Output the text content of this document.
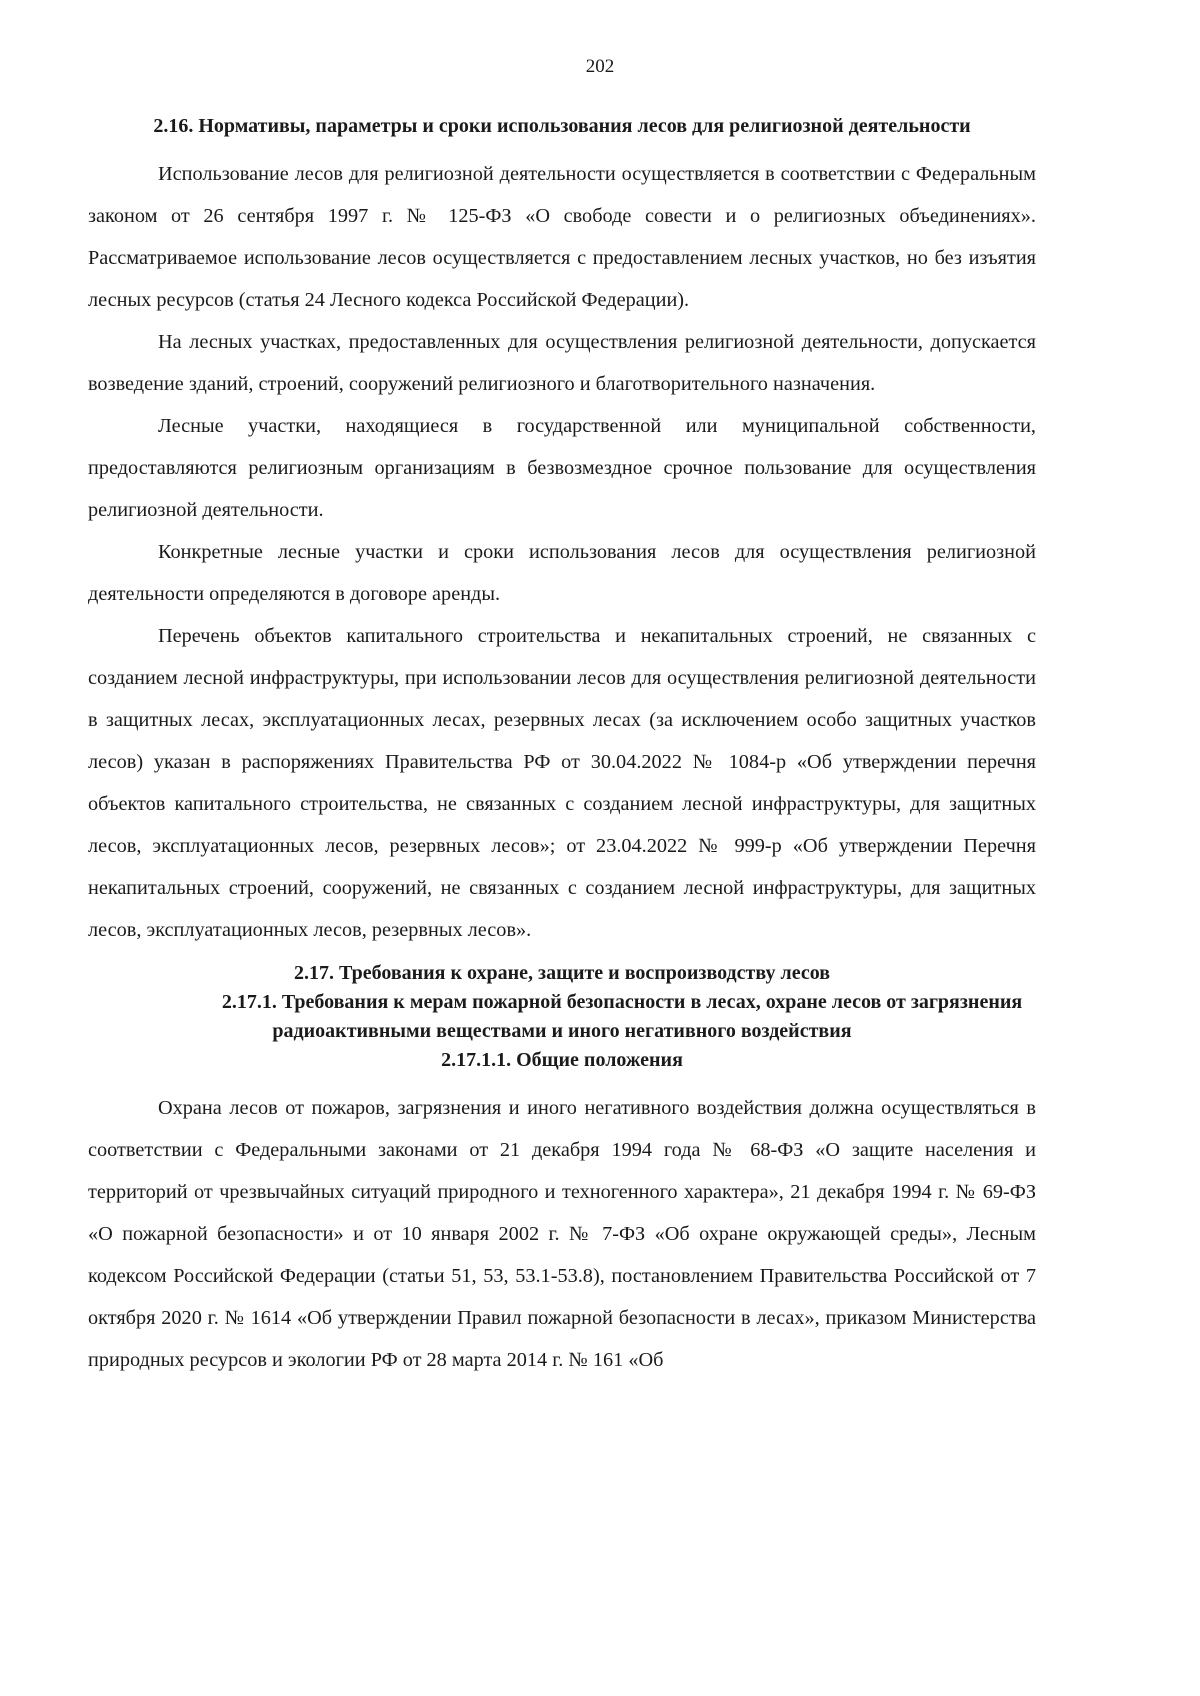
202

2.16. Нормативы, параметры и сроки использования лесов для религиозной деятельности

Использование лесов для религиозной деятельности осуществляется в соответствии с Федеральным законом от 26 сентября 1997 г. № 125-ФЗ «О свободе совести и о религиозных объединениях». Рассматриваемое использование лесов осуществляется с предоставлением лесных участков, но без изъятия лесных ресурсов (статья 24 Лесного кодекса Российской Федерации).

На лесных участках, предоставленных для осуществления религиозной деятельности, допускается возведение зданий, строений, сооружений религиозного и благотворительного назначения.

Лесные участки, находящиеся в государственной или муниципальной собственности, предоставляются религиозным организациям в безвозмездное срочное пользование для осуществления религиозной деятельности.

Конкретные лесные участки и сроки использования лесов для осуществления религиозной деятельности определяются в договоре аренды.

Перечень объектов капитального строительства и некапитальных строений, не связанных с созданием лесной инфраструктуры, при использовании лесов для осуществления религиозной деятельности в защитных лесах, эксплуатационных лесах, резервных лесах (за исключением особо защитных участков лесов) указан в распоряжениях Правительства РФ от 30.04.2022 № 1084-р «Об утверждении перечня объектов капитального строительства, не связанных с созданием лесной инфраструктуры, для защитных лесов, эксплуатационных лесов, резервных лесов»; от 23.04.2022 № 999-р «Об утверждении Перечня некапитальных строений, сооружений, не связанных с созданием лесной инфраструктуры, для защитных лесов, эксплуатационных лесов, резервных лесов».

2.17. Требования к охране, защите и воспроизводству лесов

2.17.1. Требования к мерам пожарной безопасности в лесах, охране лесов от загрязнения радиоактивными веществами и иного негативного воздействия

2.17.1.1. Общие положения

Охрана лесов от пожаров, загрязнения и иного негативного воздействия должна осуществляться в соответствии с Федеральными законами от 21 декабря 1994 года № 68-ФЗ «О защите населения и территорий от чрезвычайных ситуаций природного и техногенного характера», 21 декабря 1994 г. № 69-ФЗ «О пожарной безопасности» и от 10 января 2002 г. № 7-ФЗ «Об охране окружающей среды», Лесным кодексом Российской Федерации (статьи 51, 53, 53.1-53.8), постановлением Правительства Российской от 7 октября 2020 г. № 1614 «Об утверждении Правил пожарной безопасности в лесах», приказом Министерства природных ресурсов и экологии РФ от 28 марта 2014 г. № 161 «Об
